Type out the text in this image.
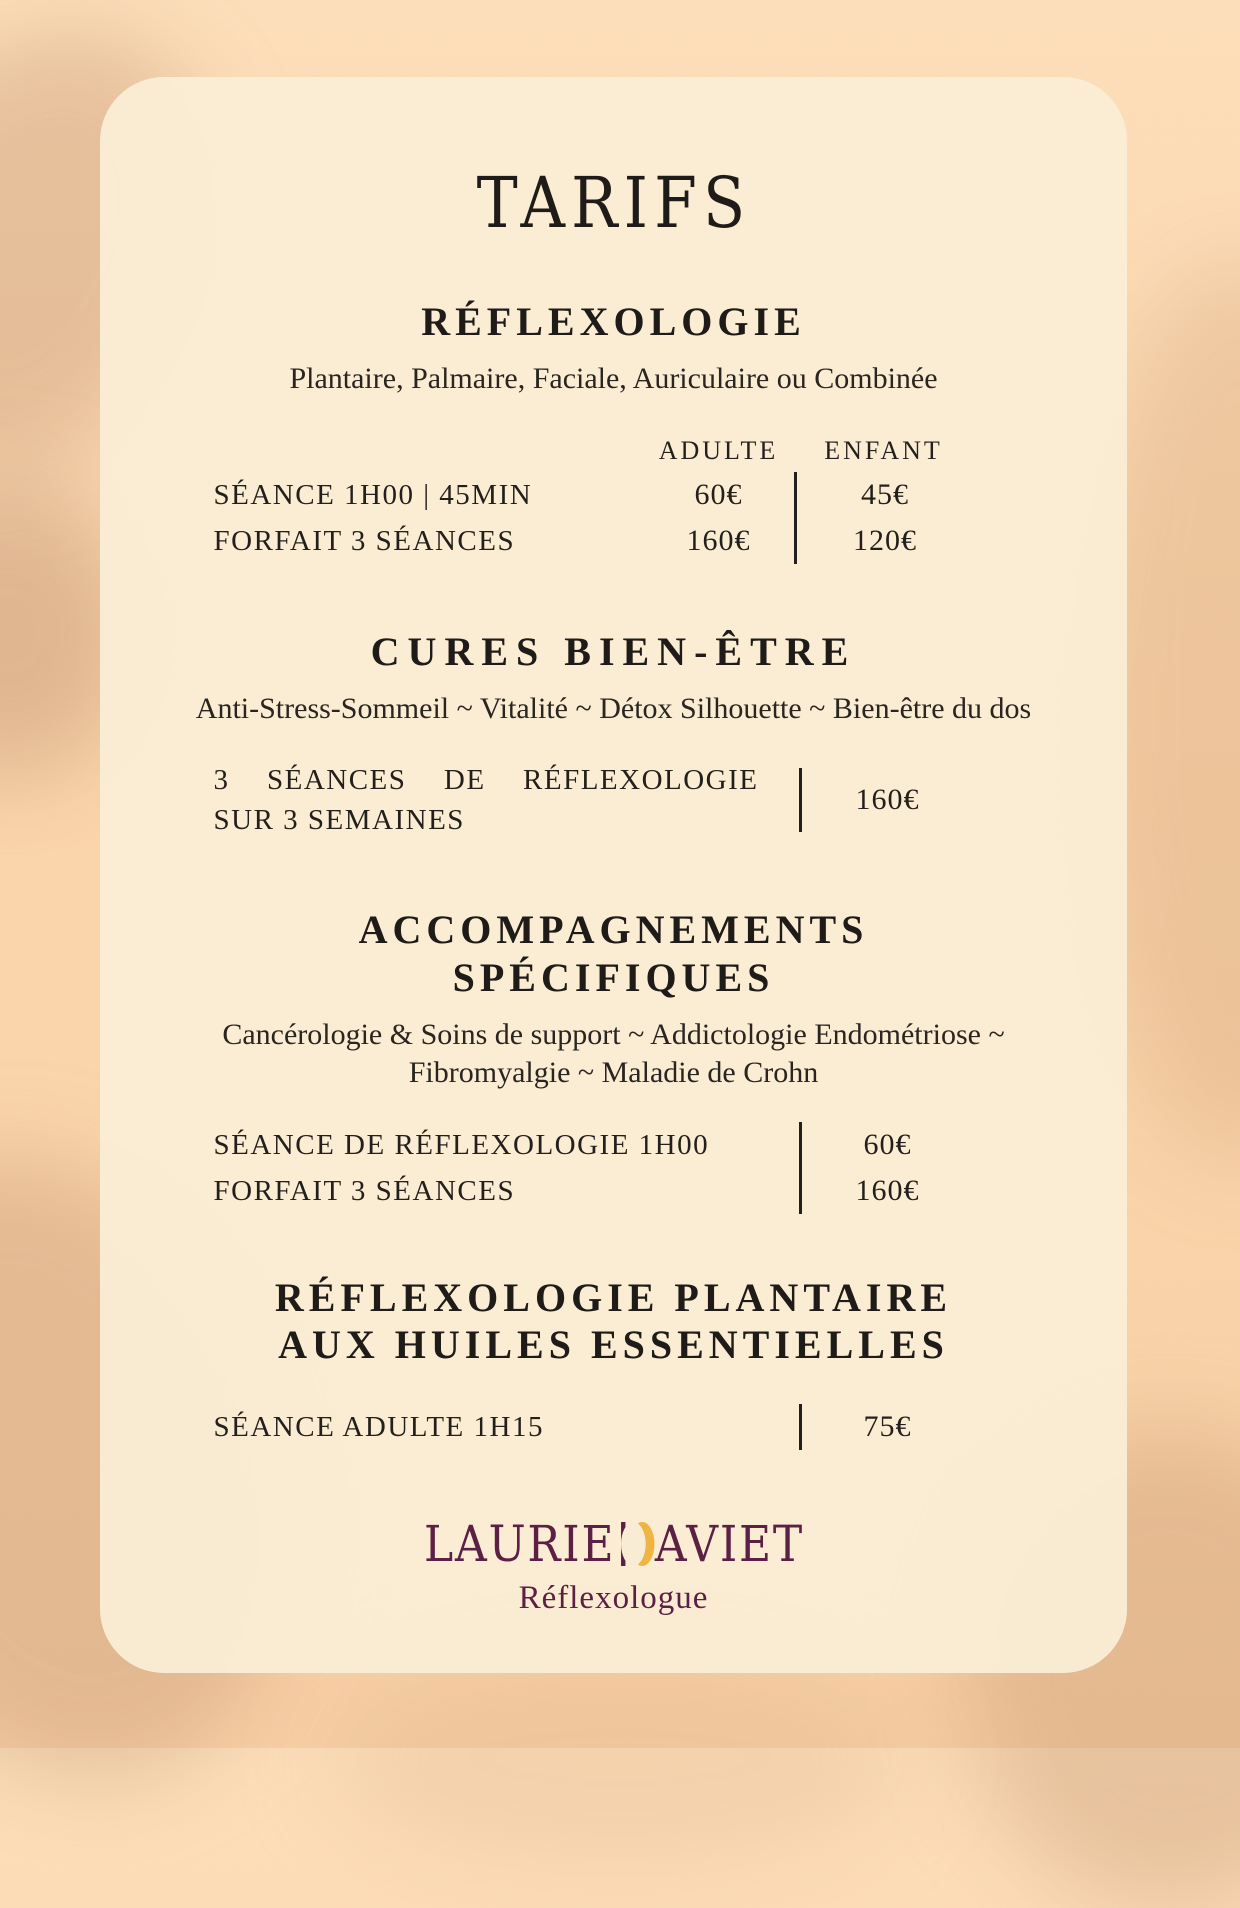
TARIFS
RÉFLEXOLOGIE

Plantaire, Palmaire, Faciale, Auriculaire ou Combinée

ADULTE	ENFANT
SÉANCE 1H00 | 45MIN	60€	45€
FORFAIT 3 SÉANCES	160€	120€
CURES BIEN-ÊTRE

Anti-Stress-Sommeil ~ Vitalité ~ Détox Silhouette ~ Bien-être du dos

3 SÉANCES DE RÉFLEXOLOGIE
SUR 3 SEMAINES
160€
ACCOMPAGNEMENTS SPÉCIFIQUES

Cancérologie & Soins de support ~ Addictologie Endométriose ~ Fibromyalgie ~ Maladie de Crohn

SÉANCE DE RÉFLEXOLOGIE 1H00	60€
FORFAIT 3 SÉANCES	160€
RÉFLEXOLOGIE PLANTAIRE
AUX HUILES ESSENTIELLES
SÉANCE ADULTE 1H15	75€
LAURIE AVIET
Réflexologue
